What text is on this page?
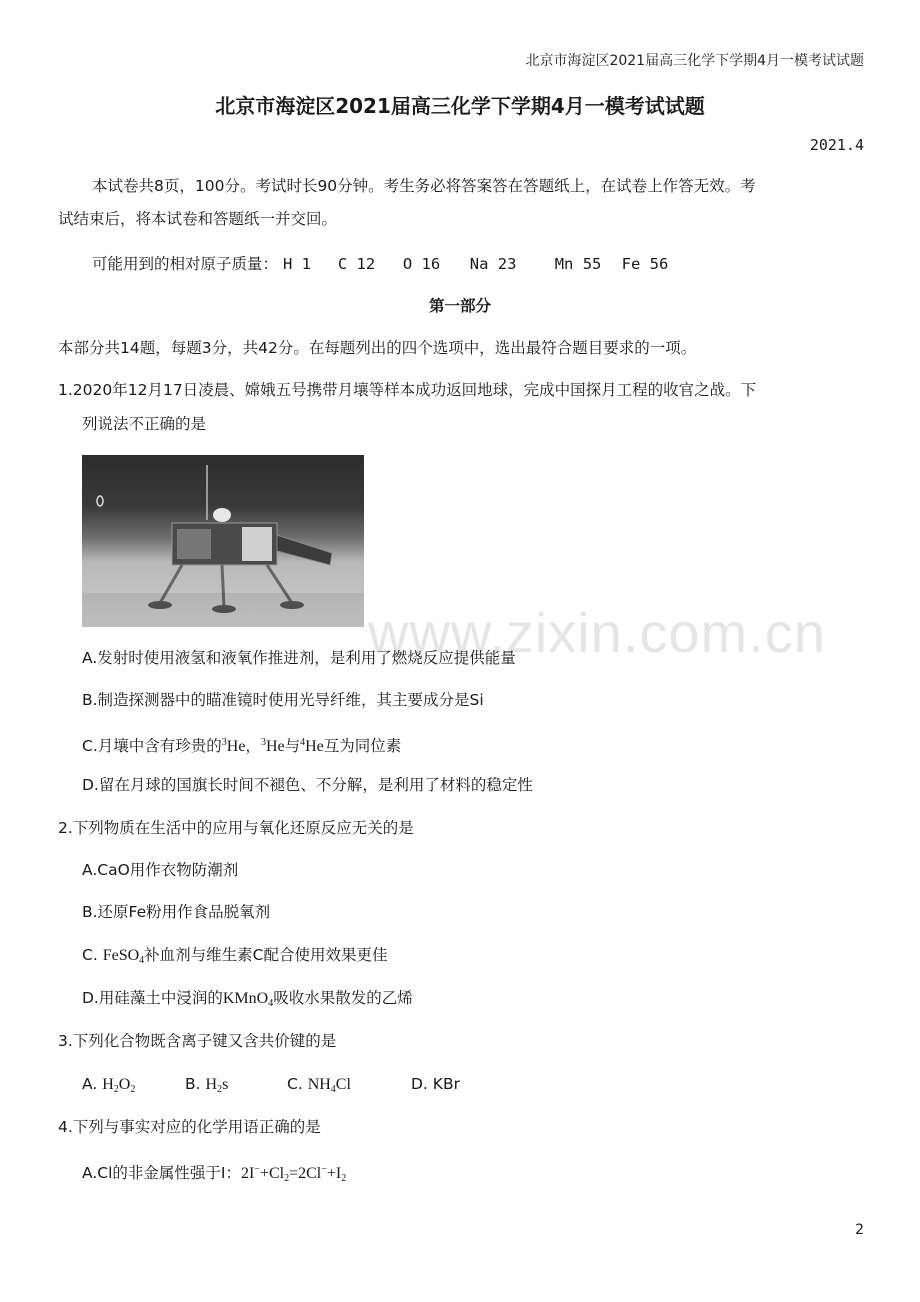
北京市海淀区2021届高三化学下学期4月一模考试试题
北京市海淀区2021届高三化学下学期4月一模考试试题
2021.4
本试卷共8页，100分。考试时长90分钟。考生务必将答案答在答题纸上，在试卷上作答无效。考
试结束后，将本试卷和答题纸一并交回。
可能用到的相对原子质量： H 1 C 12 O 16 Na 23 Mn 55 Fe 56
第一部分
本部分共14题，每题3分，共42分。在每题列出的四个选项中，选出最符合题目要求的一项。
1.2020年12月17日凌晨、嫦娥五号携带月壤等样本成功返回地球，完成中国探月工程的收官之战。下
列说法不正确的是
www.zixin.com.cn
A.发射时使用液氢和液氧作推进剂，是利用了燃烧反应提供能量
B.制造探测器中的瞄准镜时使用光导纤维，其主要成分是Si
C.月壤中含有珍贵的$^3$He，$^3$He与$^4$He互为同位素
D.留在月球的国旗长时间不褪色、不分解，是利用了材料的稳定性
2.下列物质在生活中的应用与氧化还原反应无关的是
A.CaO用作衣物防潮剂
B.还原Fe粉用作食品脱氧剂
C. FeSO$_4$补血剂与维生素C配合使用效果更佳
D.用硅藻土中浸润的KMnO$_4$吸收水果散发的乙烯
3.下列化合物既含离子键又含共价键的是
A. $H_2O_2$	B. $H_2s$	C. $NH_4Cl$	D. KBr
4.下列与事实对应的化学用语正确的是
A.Cl的非金属性强于I：$2I^-+Cl_2=2Cl^-+I_2$
2
